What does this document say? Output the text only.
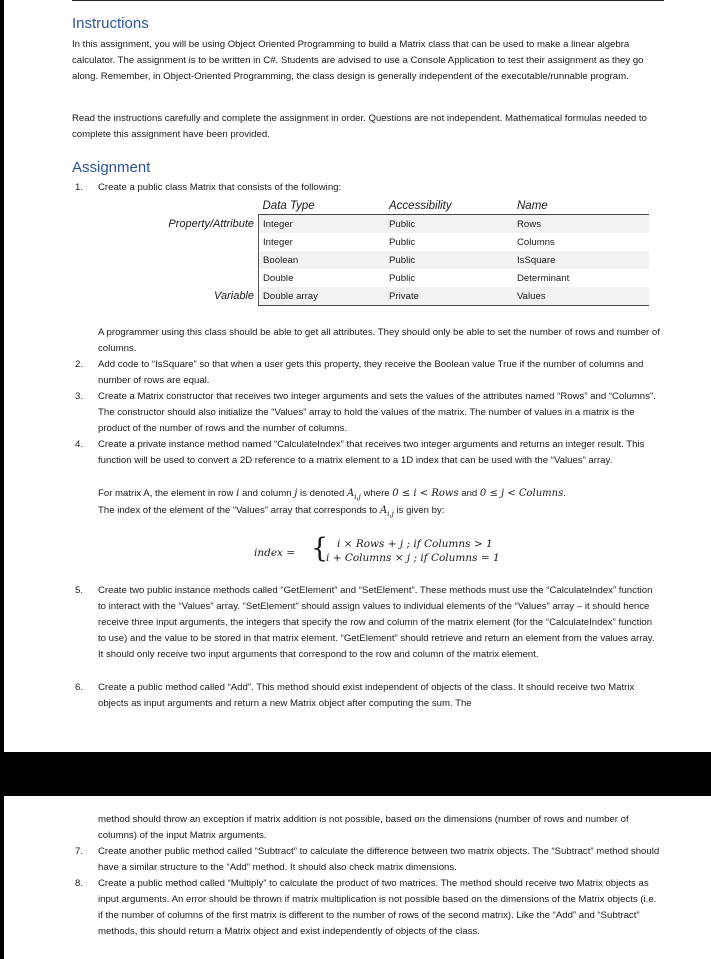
Instructions

In this assignment, you will be using Object Oriented Programming to build a Matrix class that can be used to make a linear algebra calculator. The assignment is to be written in C#. Students are advised to use a Console Application to test their assignment as they go along. Remember, in Object-Oriented Programming, the class design is generally independent of the executable/runnable program.

Read the instructions carefully and complete the assignment in order. Questions are not independent. Mathematical formulas needed to complete this assignment have been provided.

Assignment
1. Create a public class Matrix that consists of the following:
	Data Type	Accessibility	Name
Property/Attribute	Integer	Public	Rows
	Integer	Public	Columns
	Boolean	Public	IsSquare
	Double	Public	Determinant
Variable	Double array	Private	Values
A programmer using this class should be able to get all attributes. They should only be able to set the number of rows and number of columns.
2. Add code to “IsSquare” so that when a user gets this property, they receive the Boolean value True if the number of columns and number of rows are equal.
3. Create a Matrix constructor that receives two integer arguments and sets the values of the attributes named “Rows” and “Columns”. The constructor should also initialize the “Values” array to hold the values of the matrix. The number of values in a matrix is the product of the number of rows and the number of columns.
4. Create a private instance method named “CalculateIndex” that receives two integer arguments and returns an integer result. This function will be used to convert a 2D reference to a matrix element to a 1D index that can be used with the “Values” array.
For matrix A, the element in row i and column j is denoted $A_{i,j}$ where 0 ≤ i < Rows and 0 ≤ j < Columns.
The index of the element of the “Values” array that corresponds to $A_{i,j}$ is given by:
index = { i × Rows + j ; if Columns > 1
i + Columns × j ; if Columns = 1
5. Create two public instance methods called “GetElement” and “SetElement”. These methods must use the “CalculateIndex” function to interact with the “Values” array. “SetElement” should assign values to individual elements of the “Values” array – it should hence receive three input arguments, the integers that specify the row and column of the matrix element (for the “CalculateIndex” function to use) and the value to be stored in that matrix element. “GetElement” should retrieve and return an element from the values array. It should only receive two input arguments that correspond to the row and column of the matrix element.
6. Create a public method called “Add”. This method should exist independent of objects of the class. It should receive two Matrix objects as input arguments and return a new Matrix object after computing the sum. The
method should throw an exception if matrix addition is not possible, based on the dimensions (number of rows and number of columns) of the input Matrix arguments.
7. Create another public method called “Subtract” to calculate the difference between two matrix objects. The “Subtract” method should have a similar structure to the “Add” method. It should also check matrix dimensions.
8. Create a public method called “Multiply” to calculate the product of two matrices. The method should receive two Matrix objects as input arguments. An error should be thrown if matrix multiplication is not possible based on the dimensions of the Matrix objects (i.e. if the number of columns of the first matrix is different to the number of rows of the second matrix). Like the “Add” and “Subtract” methods, this should return a Matrix object and exist independently of objects of the class.
